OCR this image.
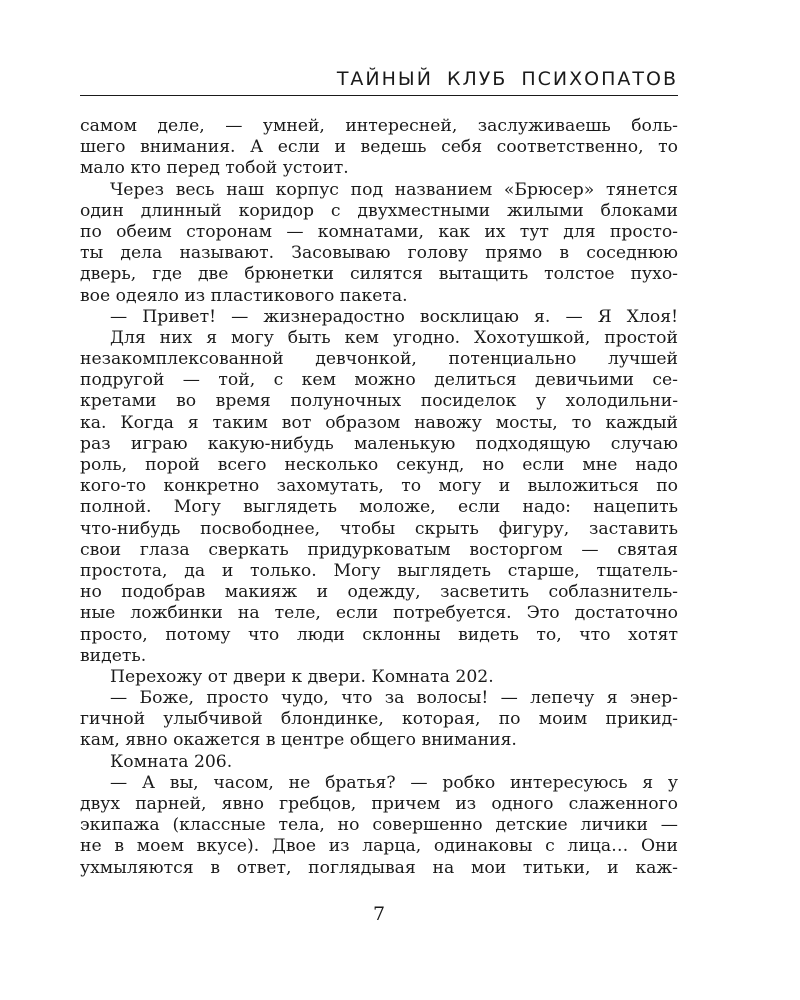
ТАЙНЫЙ КЛУБ ПСИХОПАТОВ
самом деле, — умней, интересней, заслуживаешь боль-
шего внимания. А если и ведешь себя соответственно, то
мало кто перед тобой устоит.
Через весь наш корпус под названием «Брюсер» тянется
один длинный коридор с двухместными жилыми блоками
по обеим сторонам — комнатами, как их тут для просто-
ты дела называют. Засовываю голову прямо в соседнюю
дверь, где две брюнетки силятся вытащить толстое пухо-
вое одеяло из пластикового пакета.
— Привет! — жизнерадостно восклицаю я. — Я Хлоя!
Для них я могу быть кем угодно. Хохотушкой, простой
незакомплексованной девчонкой, потенциально лучшей
подругой — той, с кем можно делиться девичьими се-
кретами во время полуночных посиделок у холодильни-
ка. Когда я таким вот образом навожу мосты, то каждый
раз играю какую-нибудь маленькую подходящую случаю
роль, порой всего несколько секунд, но если мне надо
кого-то конкретно захомутать, то могу и выложиться по
полной. Могу выглядеть моложе, если надо: нацепить
что-нибудь посвободнее, чтобы скрыть фигуру, заставить
свои глаза сверкать придурковатым восторгом — святая
простота, да и только. Могу выглядеть старше, тщатель-
но подобрав макияж и одежду, засветить соблазнитель-
ные ложбинки на теле, если потребуется. Это достаточно
просто, потому что люди склонны видеть то, что хотят
видеть.
Перехожу от двери к двери. Комната 202.
— Боже, просто чудо, что за волосы! — лепечу я энер-
гичной улыбчивой блондинке, которая, по моим прикид-
кам, явно окажется в центре общего внимания.
Комната 206.
— А вы, часом, не братья? — робко интересуюсь я у
двух парней, явно гребцов, причем из одного слаженного
экипажа (классные тела, но совершенно детские личики —
не в моем вкусе). Двое из ларца, одинаковы с лица… Они
ухмыляются в ответ, поглядывая на мои титьки, и каж-
7
